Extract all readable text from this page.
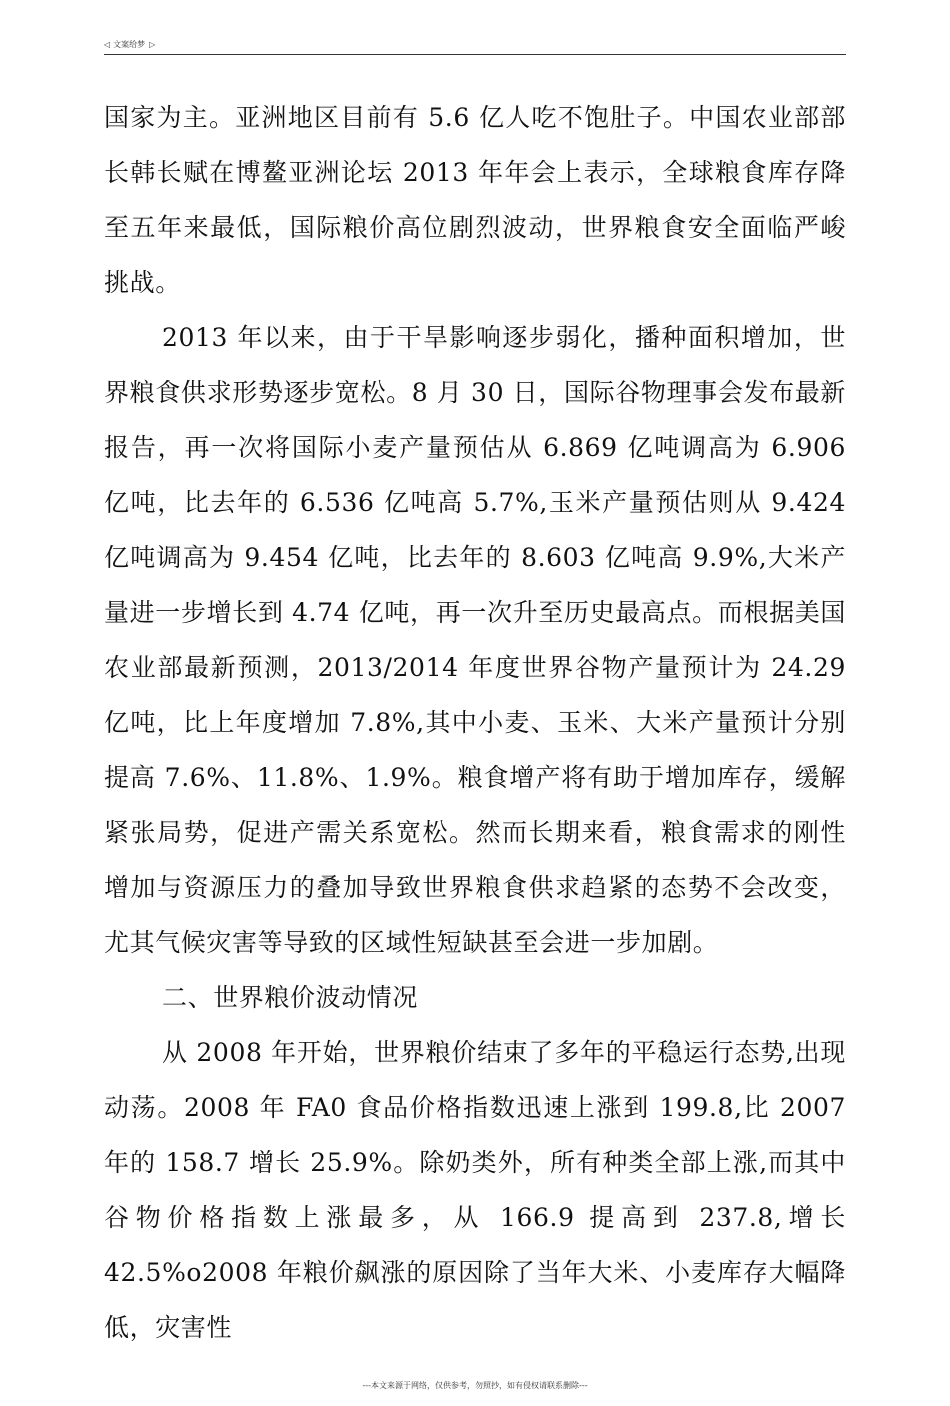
◁ 文案给梦 ▷

国家为主。亚洲地区目前有 5.6 亿人吃不饱肚子。中国农业部部长韩长赋在博鳌亚洲论坛 2013 年年会上表示，全球粮食库存降至五年来最低，国际粮价高位剧烈波动，世界粮食安全面临严峻挑战。

2013 年以来，由于干旱影响逐步弱化，播种面积增加，世界粮食供求形势逐步宽松。8 月 30 日，国际谷物理事会发布最新报告，再一次将国际小麦产量预估从 6.869 亿吨调高为 6.906 亿吨，比去年的 6.536 亿吨高 5.7%,玉米产量预估则从 9.424 亿吨调高为 9.454 亿吨，比去年的 8.603 亿吨高 9.9%,大米产量进一步增长到 4.74 亿吨，再一次升至历史最高点。而根据美国农业部最新预测，2013/2014 年度世界谷物产量预计为 24.29 亿吨，比上年度增加 7.8%,其中小麦、玉米、大米产量预计分别提高 7.6%、11.8%、1.9%。粮食增产将有助于增加库存，缓解紧张局势，促进产需关系宽松。然而长期来看，粮食需求的刚性增加与资源压力的叠加导致世界粮食供求趋紧的态势不会改变，尤其气候灾害等导致的区域性短缺甚至会进一步加剧。

二、世界粮价波动情况

从 2008 年开始，世界粮价结束了多年的平稳运行态势,出现动荡。2008 年 FA0 食品价格指数迅速上涨到 199.8,比 2007 年的 158.7 增长 25.9%。除奶类外，所有种类全部上涨,而其中谷物价格指数上涨最多，从 166.9 提高到 237.8,增长 42.5%o2008 年粮价飙涨的原因除了当年大米、小麦库存大幅降低，灾害性

---本文来源于网络，仅供参考，勿照抄，如有侵权请联系删除---
